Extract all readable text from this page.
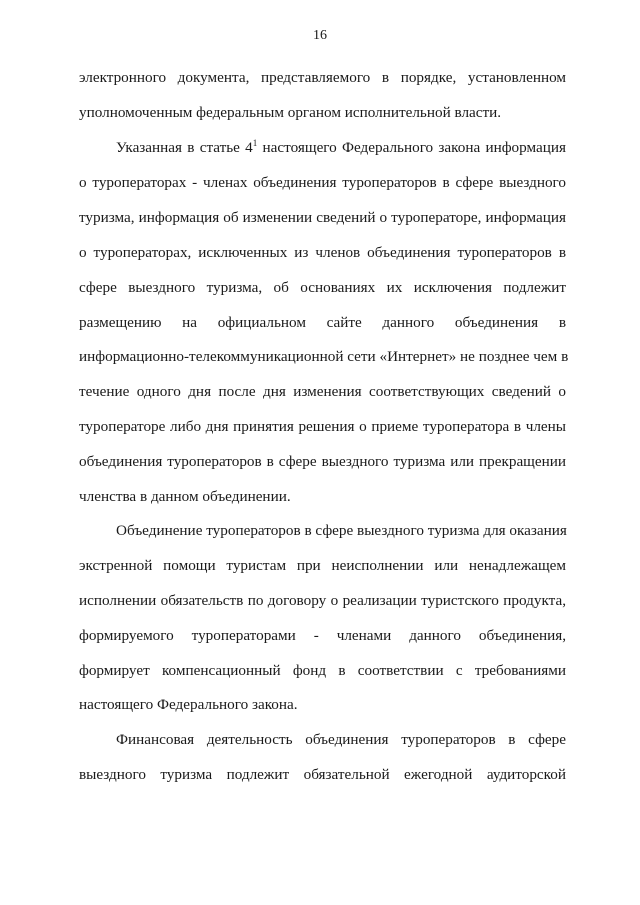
16
электронного документа, представляемого в порядке, установленном
уполномоченным федеральным органом исполнительной власти.
Указанная в статье $4^1$ настоящего Федерального закона информация
о туроператорах - членах объединения туроператоров в сфере выездного
туризма, информация об изменении сведений о туроператоре, информация
о туроператорах, исключенных из членов объединения туроператоров в
сфере выездного туризма, об основаниях их исключения подлежит
размещению на официальном сайте данного объединения в
информационно-телекоммуникационной сети «Интернет» не позднее чем в
течение одного дня после дня изменения соответствующих сведений о
туроператоре либо дня принятия решения о приеме туроператора в члены
объединения туроператоров в сфере выездного туризма или прекращении
членства в данном объединении.
Объединение туроператоров в сфере выездного туризма для оказания
экстренной помощи туристам при неисполнении или ненадлежащем
исполнении обязательств по договору о реализации туристского продукта,
формируемого туроператорами - членами данного объединения,
формирует компенсационный фонд в соответствии с требованиями
настоящего Федерального закона.
Финансовая деятельность объединения туроператоров в сфере
выездного туризма подлежит обязательной ежегодной аудиторской
